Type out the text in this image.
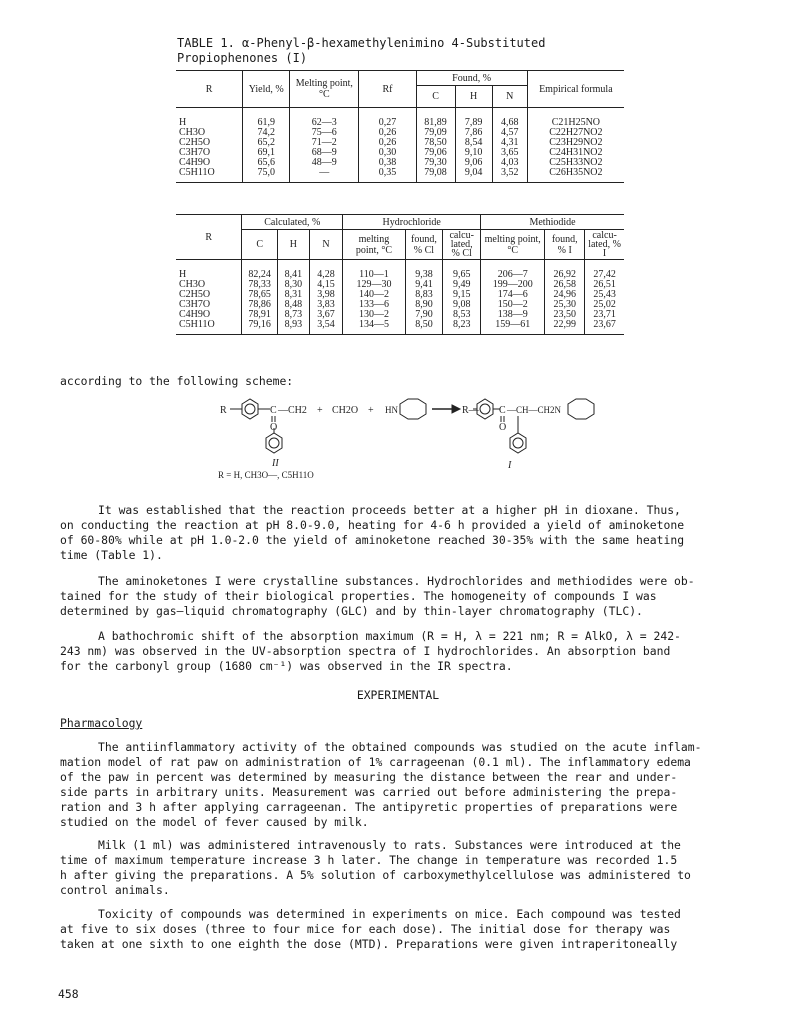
TABLE 1. α-Phenyl-β-hexamethylenimino 4-Substituted Propiophenones (I)
R	Yield, %	Melting point, °C	Rf	Found, %			Empirical formula
				C	H	N	
H	61,9	62—3	0,27	81,89	7,89	4,68	C21H25NO
CH3O	74,2	75—6	0,26	79,09	7,86	4,57	C22H27NO2
C2H5O	65,2	71—2	0,26	78,50	8,54	4,31	C23H29NO2
C3H7O	69,1	68—9	0,30	79,06	9,10	3,65	C24H31NO2
C4H9O	65,6	48—9	0,38	79,30	9,06	4,03	C25H33NO2
C5H11O	75,0	—	0,35	79,08	9,04	3,52	C26H35NO2
R	Calculated, %			Hydrochloride			Methiodide		
	C	H	N	melting point, °C	found, % Cl	calcu- lated, % Cl	melting point, °C	found, % I	calcu- lated, % I
H	82,24	8,41	4,28	110—1	9,38	9,65	206—7	26,92	27,42
CH3O	78,33	8,30	4,15	129—30	9,41	9,49	199—200	26,58	26,51
C2H5O	78,65	8,31	3,98	140—2	8,83	9,15	174—6	24,96	25,43
C3H7O	78,86	8,48	3,83	133—6	8,90	9,08	150—2	25,30	25,02
C4H9O	78,91	8,73	3,67	130—2	7,90	8,53	138—9	23,50	23,71
C5H11O	79,16	8,93	3,54	134—5	8,50	8,23	159—61	22,99	23,67
according to the following scheme:
R	C —CH2
O
+ CH2O + HN	R— C
O
—CH—CH2N
II	I
R = H, CH3O—, C5H11O
It was established that the reaction proceeds better at a higher pH in dioxane. Thus,
on conducting the reaction at pH 8.0-9.0, heating for 4-6 h provided a yield of aminoketone
of 60-80% while at pH 1.0-2.0 the yield of aminoketone reached 30-35% with the same heating
time (Table 1).
The aminoketones I were crystalline substances. Hydrochlorides and methiodides were ob-
tained for the study of their biological properties. The homogeneity of compounds I was
determined by gas—liquid chromatography (GLC) and by thin-layer chromatography (TLC).
A bathochromic shift of the absorption maximum (R = H, λ = 221 nm; R = AlkO, λ = 242-
243 nm) was observed in the UV-absorption spectra of I hydrochlorides. An absorption band
for the carbonyl group (1680 cm⁻¹) was observed in the IR spectra.
EXPERIMENTAL
Pharmacology
The antiinflammatory activity of the obtained compounds was studied on the acute inflam-
mation model of rat paw on administration of 1% carrageenan (0.1 ml). The inflammatory edema
of the paw in percent was determined by measuring the distance between the rear and under-
side parts in arbitrary units. Measurement was carried out before administering the prepa-
ration and 3 h after applying carrageenan. The antipyretic properties of preparations were
studied on the model of fever caused by milk.
Milk (1 ml) was administered intravenously to rats. Substances were introduced at the
time of maximum temperature increase 3 h later. The change in temperature was recorded 1.5
h after giving the preparations. A 5% solution of carboxymethylcellulose was administered to
control animals.
Toxicity of compounds was determined in experiments on mice. Each compound was tested
at five to six doses (three to four mice for each dose). The initial dose for therapy was
taken at one sixth to one eighth the dose (MTD). Preparations were given intraperitoneally
458
